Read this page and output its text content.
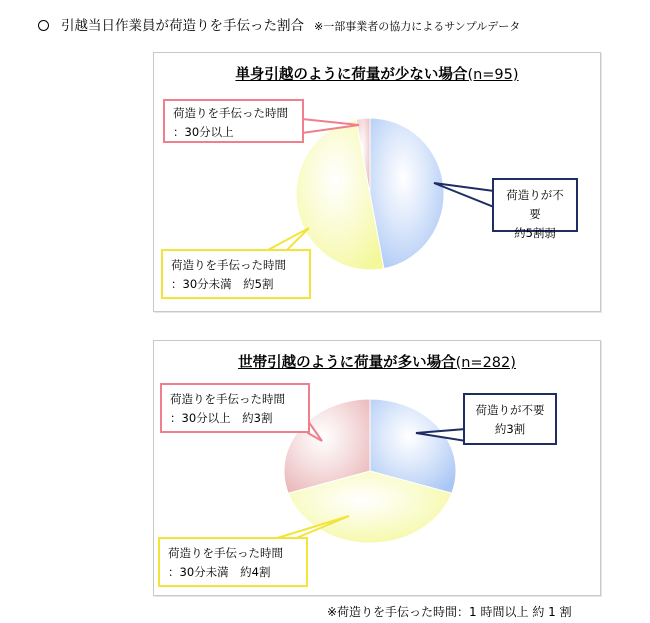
引越当日作業員が荷造りを手伝った割合 ※一部事業者の協力によるサンプルデータ
単身引越のように荷量が少ない場合(n=95)
荷造りを手伝った時間
：30分以上
荷造りが不要
約5割弱
荷造りを手伝った時間
：30分未満　約5割
世帯引越のように荷量が多い場合(n=282)
荷造りを手伝った時間
：30分以上　約3割
荷造りが不要
約3割
荷造りを手伝った時間
：30分未満　約4割
※荷造りを手伝った時間：1 時間以上 約 1 割
